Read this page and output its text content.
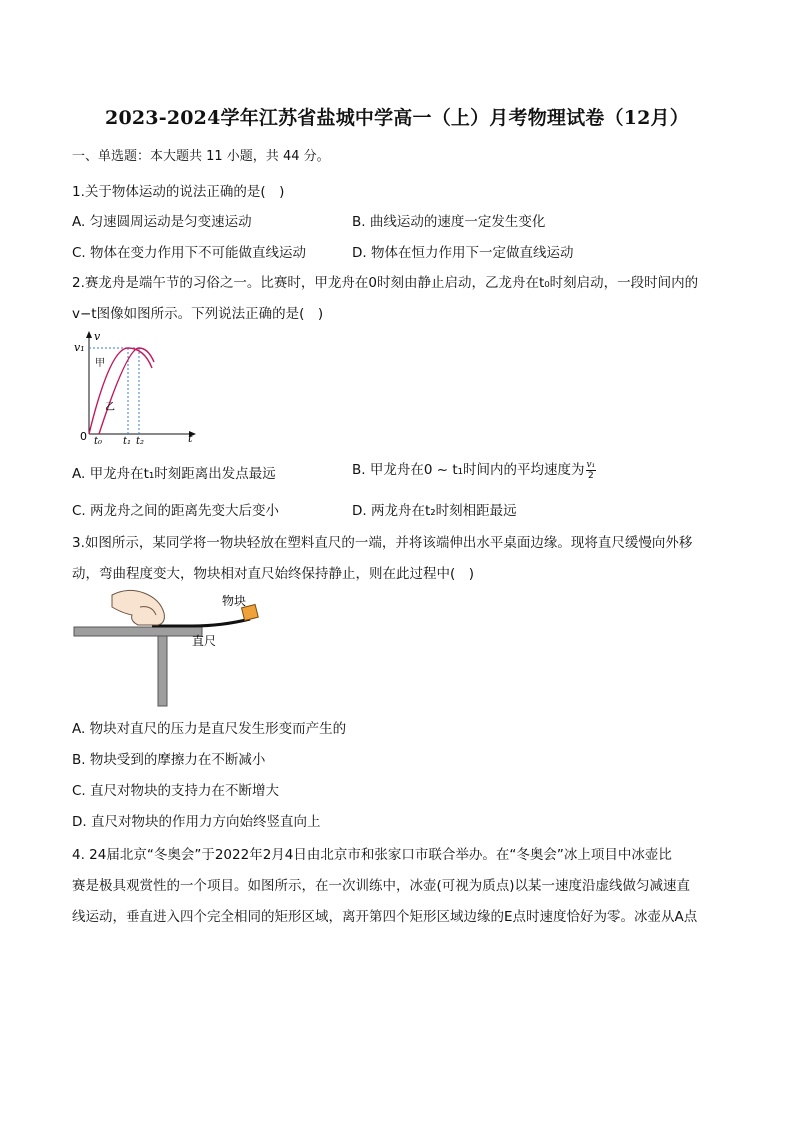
2023-2024学年江苏省盐城中学高一（上）月考物理试卷（12月）
一、单选题：本大题共 11 小题，共 44 分。
1.关于物体运动的说法正确的是(　)
A. 匀速圆周运动是匀变速运动	B. 曲线运动的速度一定发生变化
C. 物体在变力作用下不可能做直线运动	D. 物体在恒力作用下一定做直线运动
2.赛龙舟是端午节的习俗之一。比赛时，甲龙舟在0时刻由静止启动，乙龙舟在t₀时刻启动，一段时间内的
v−t图像如图所示。下列说法正确的是(　)
v
v₁
甲
乙
0 t₀ t₁ t₂	t
A. 甲龙舟在t₁时刻距离出发点最远	B. 甲龙舟在0 ~ t₁时间内的平均速度为 $\frac{\text{v₁}}{2}$
C. 两龙舟之间的距离先变大后变小	D. 两龙舟在t₂时刻相距最远
3.如图所示，某同学将一物块轻放在塑料直尺的一端，并将该端伸出水平桌面边缘。现将直尺缓慢向外移
动，弯曲程度变大，物块相对直尺始终保持静止，则在此过程中(　)
物块
直尺
A. 物块对直尺的压力是直尺发生形变而产生的
B. 物块受到的摩擦力在不断减小
C. 直尺对物块的支持力在不断增大
D. 直尺对物块的作用力方向始终竖直向上
4. 24届北京“冬奥会”于2022年2月4日由北京市和张家口市联合举办。在“冬奥会”冰上项目中冰壶比
赛是极具观赏性的一个项目。如图所示，在一次训练中，冰壶(可视为质点)以某一速度沿虚线做匀减速直
线运动，垂直进入四个完全相同的矩形区域，离开第四个矩形区域边缘的E点时速度恰好为零。冰壶从A点
